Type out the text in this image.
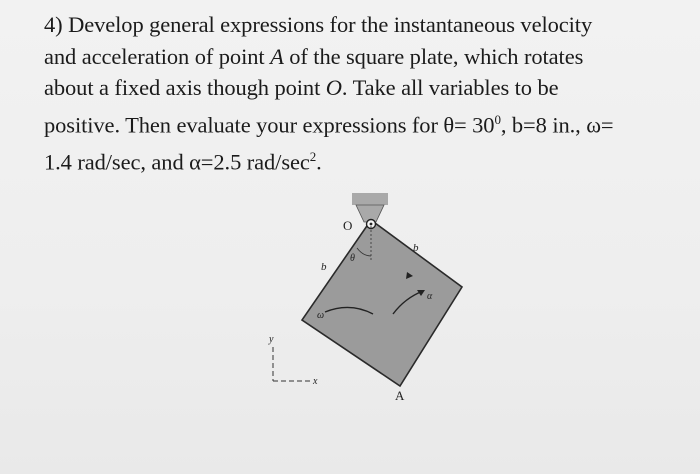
4) Develop general expressions for the instantaneous velocity
and acceleration of point A of the square plate, which rotates
about a fixed axis though point O. Take all variables to be
positive. Then evaluate your expressions for $\theta= 30^0$, b=8 in., ω=
1.4 rad/sec, and α=2.5 rad/$\sec^2$.
O
θ
b
b
ω
α
A
y
x
